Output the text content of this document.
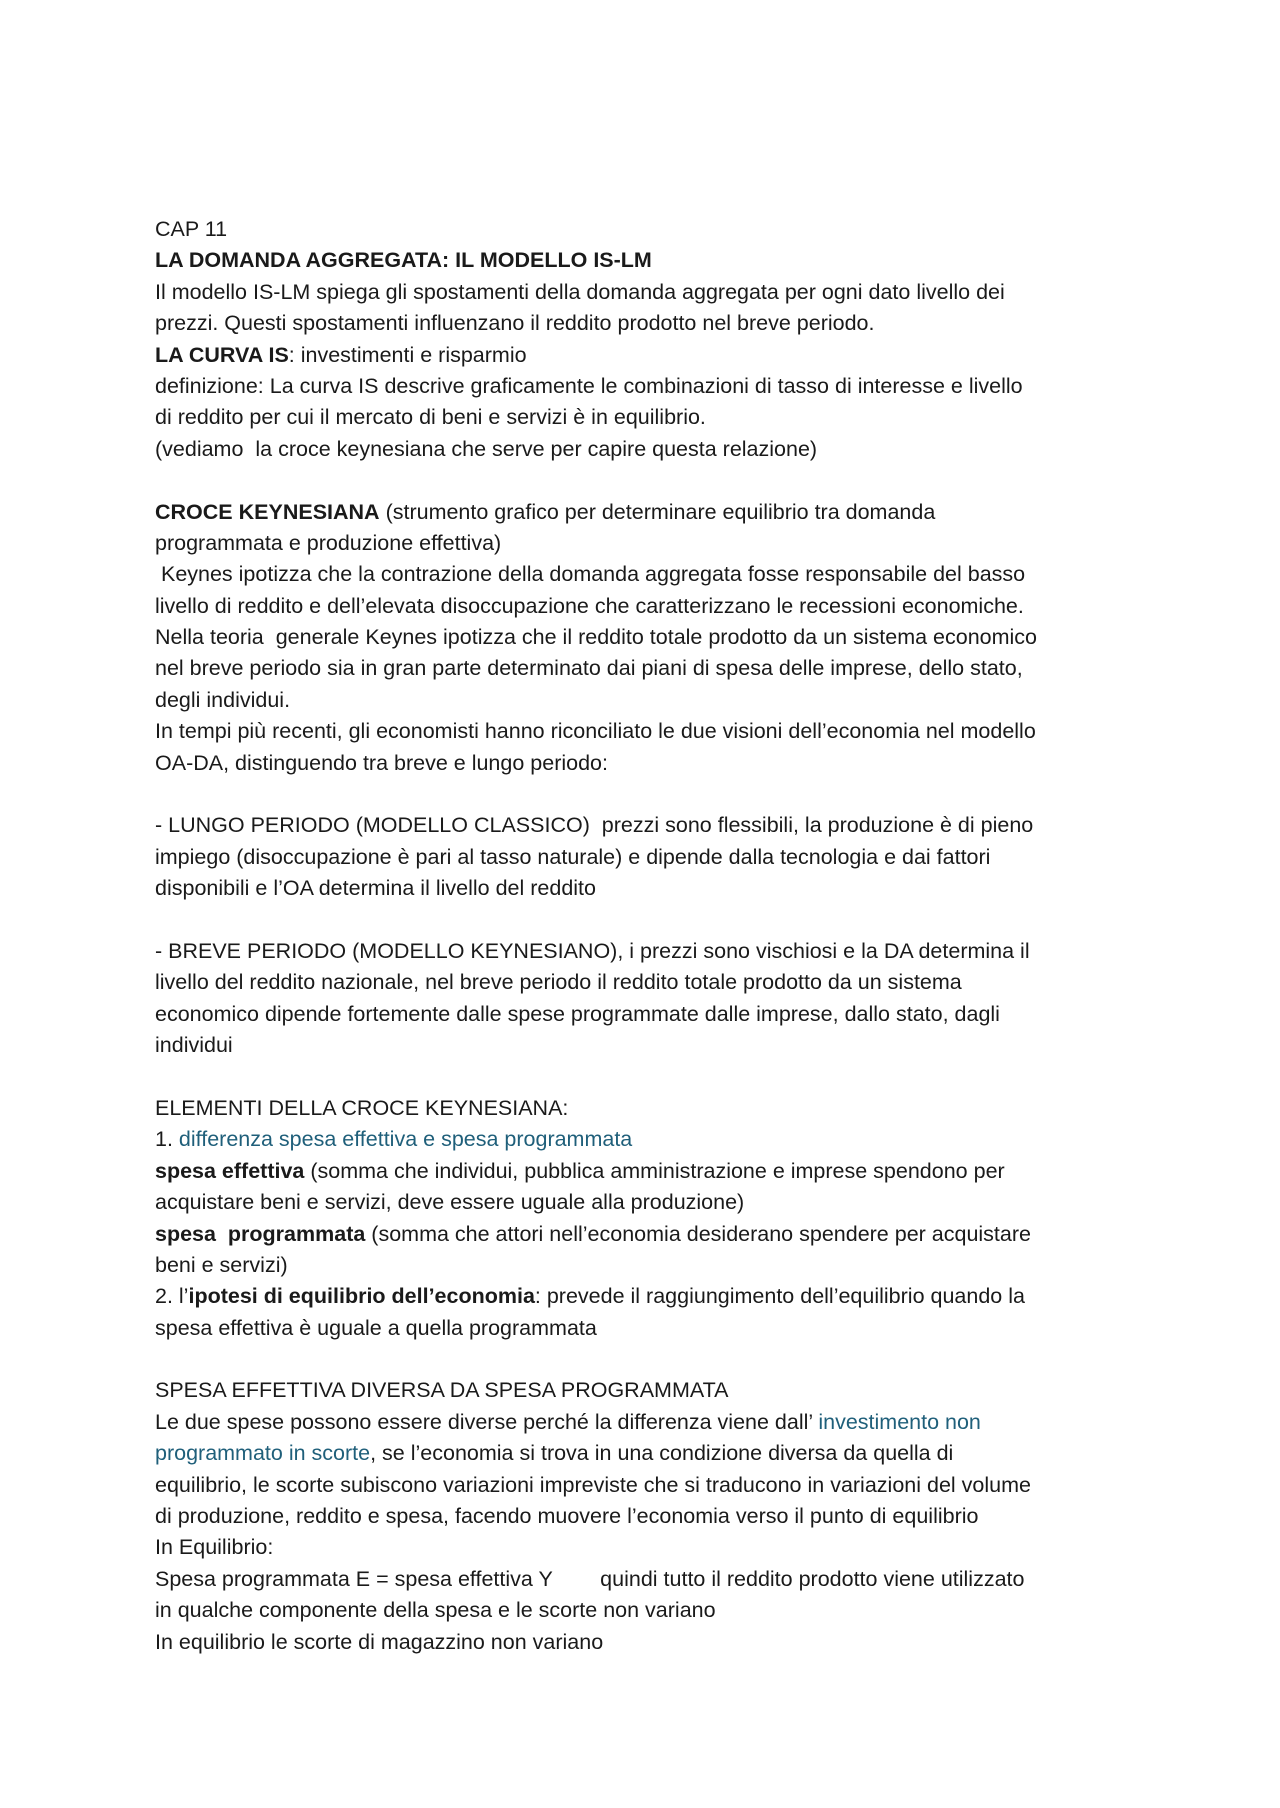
CAP 11
LA DOMANDA AGGREGATA: IL MODELLO IS-LM
Il modello IS-LM spiega gli spostamenti della domanda aggregata per ogni dato livello dei
prezzi. Questi spostamenti influenzano il reddito prodotto nel breve periodo.
LA CURVA IS: investimenti e risparmio
definizione: La curva IS descrive graficamente le combinazioni di tasso di interesse e livello
di reddito per cui il mercato di beni e servizi è in equilibrio.
(vediamo  la croce keynesiana che serve per capire questa relazione)
CROCE KEYNESIANA (strumento grafico per determinare equilibrio tra domanda
programmata e produzione effettiva)
Keynes ipotizza che la contrazione della domanda aggregata fosse responsabile del basso
livello di reddito e dell’elevata disoccupazione che caratterizzano le recessioni economiche.
Nella teoria  generale Keynes ipotizza che il reddito totale prodotto da un sistema economico
nel breve periodo sia in gran parte determinato dai piani di spesa delle imprese, dello stato,
degli individui.
In tempi più recenti, gli economisti hanno riconciliato le due visioni dell’economia nel modello
OA-DA, distinguendo tra breve e lungo periodo:
- LUNGO PERIODO (MODELLO CLASSICO)  prezzi sono flessibili, la produzione è di pieno
impiego (disoccupazione è pari al tasso naturale) e dipende dalla tecnologia e dai fattori
disponibili e l’OA determina il livello del reddito
- BREVE PERIODO (MODELLO KEYNESIANO), i prezzi sono vischiosi e la DA determina il
livello del reddito nazionale, nel breve periodo il reddito totale prodotto da un sistema
economico dipende fortemente dalle spese programmate dalle imprese, dallo stato, dagli
individui
ELEMENTI DELLA CROCE KEYNESIANA:
1. differenza spesa effettiva e spesa programmata
spesa effettiva (somma che individui, pubblica amministrazione e imprese spendono per
acquistare beni e servizi, deve essere uguale alla produzione)
spesa  programmata (somma che attori nell’economia desiderano spendere per acquistare
beni e servizi)
2. l’ipotesi di equilibrio dell’economia: prevede il raggiungimento dell’equilibrio quando la
spesa effettiva è uguale a quella programmata
SPESA EFFETTIVA DIVERSA DA SPESA PROGRAMMATA
Le due spese possono essere diverse perché la differenza viene dall’ investimento non
programmato in scorte, se l’economia si trova in una condizione diversa da quella di
equilibrio, le scorte subiscono variazioni impreviste che si traducono in variazioni del volume
di produzione, reddito e spesa, facendo muovere l’economia verso il punto di equilibrio
In Equilibrio:
Spesa programmata E = spesa effettiva Y        quindi tutto il reddito prodotto viene utilizzato
in qualche componente della spesa e le scorte non variano
In equilibrio le scorte di magazzino non variano
